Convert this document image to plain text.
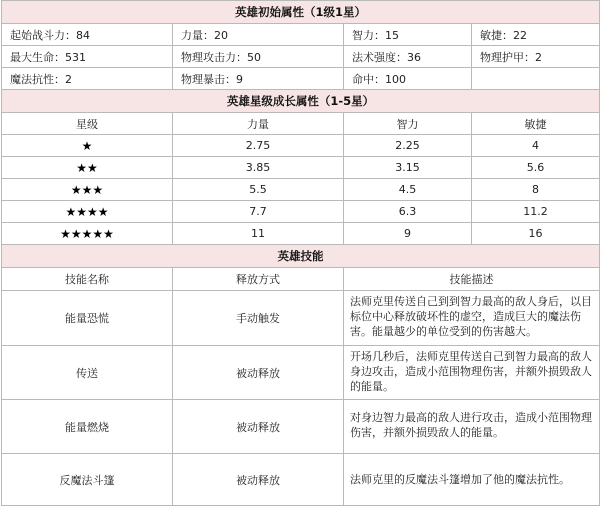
英雄初始属性（1级1星）			
起始战斗力：84	力量：20	智力：15	敏捷：22
最大生命：531	物理攻击力：50	法术强度：36	物理护甲：2
魔法抗性：2	物理暴击：9	命中：100	
英雄星级成长属性（1-5星）			
星级	力量	智力	敏捷
★	2.75	2.25	4
★★	3.85	3.15	5.6
★★★	5.5	4.5	8
★★★★	7.7	6.3	11.2
★★★★★	11	9	16
英雄技能			
技能名称	释放方式	技能描述	
能量恐慌	手动触发	法师克里传送自己到到智力最高的敌人身后，以目标位中心释放破坏性的虚空，造成巨大的魔法伤害。能量越少的单位受到的伤害越大。	
传送	被动释放	开场几秒后，法师克里传送自己到智力最高的敌人身边攻击，造成小范围物理伤害，并额外损毁敌人的能量。	
能量燃烧	被动释放	对身边智力最高的敌人进行攻击，造成小范围物理伤害，并额外损毁敌人的能量。	
反魔法斗篷	被动释放	法师克里的反魔法斗篷增加了他的魔法抗性。	
